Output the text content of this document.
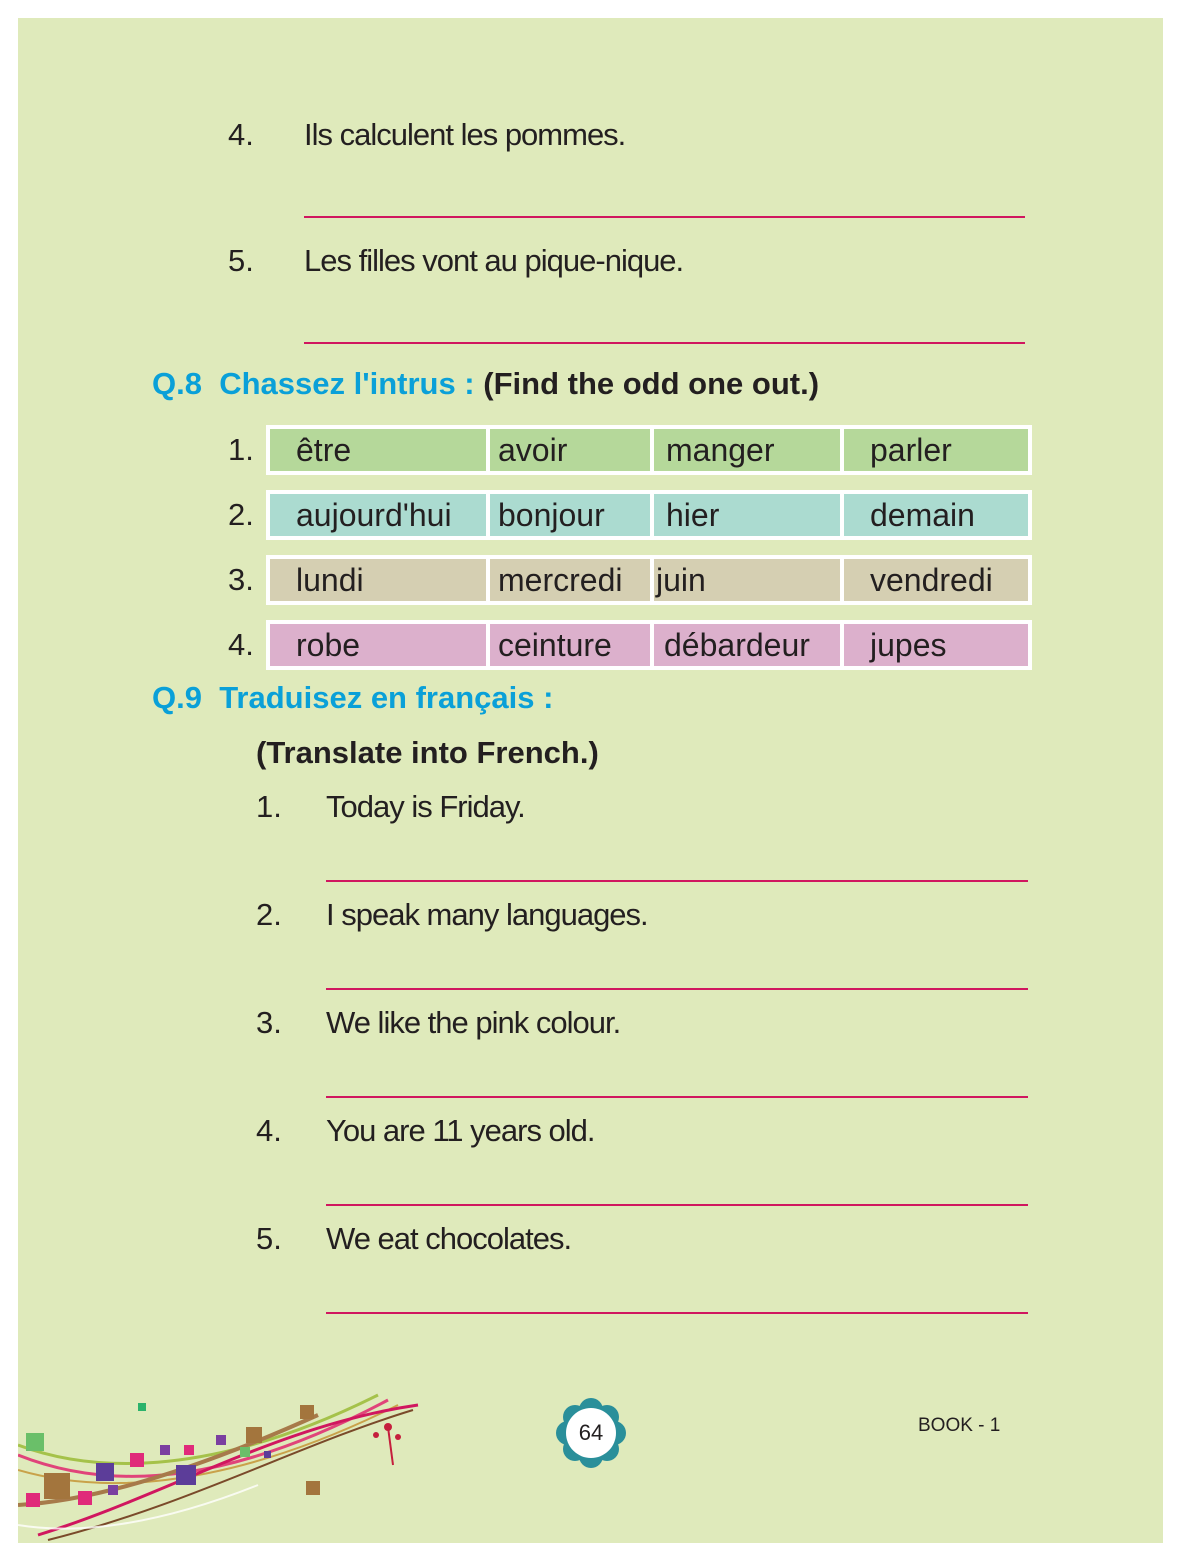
4. Ils calculent les pommes.
5. Les filles vont au pique-nique.
Q.8 Chassez l'intrus : (Find the odd one out.)
1.	être	avoir	manger	parler
2.	aujourd'hui	bonjour	hier	demain
3.	lundi	mercredi	juin	vendredi
4.	robe	ceinture	débardeur	jupes
Q.9 Traduisez en français :
(Translate into French.)
1. Today is Friday.
2. I speak many languages.
3. We like the pink colour.
4. You are 11 years old.
5. We eat chocolates.
64	BOOK - 1
